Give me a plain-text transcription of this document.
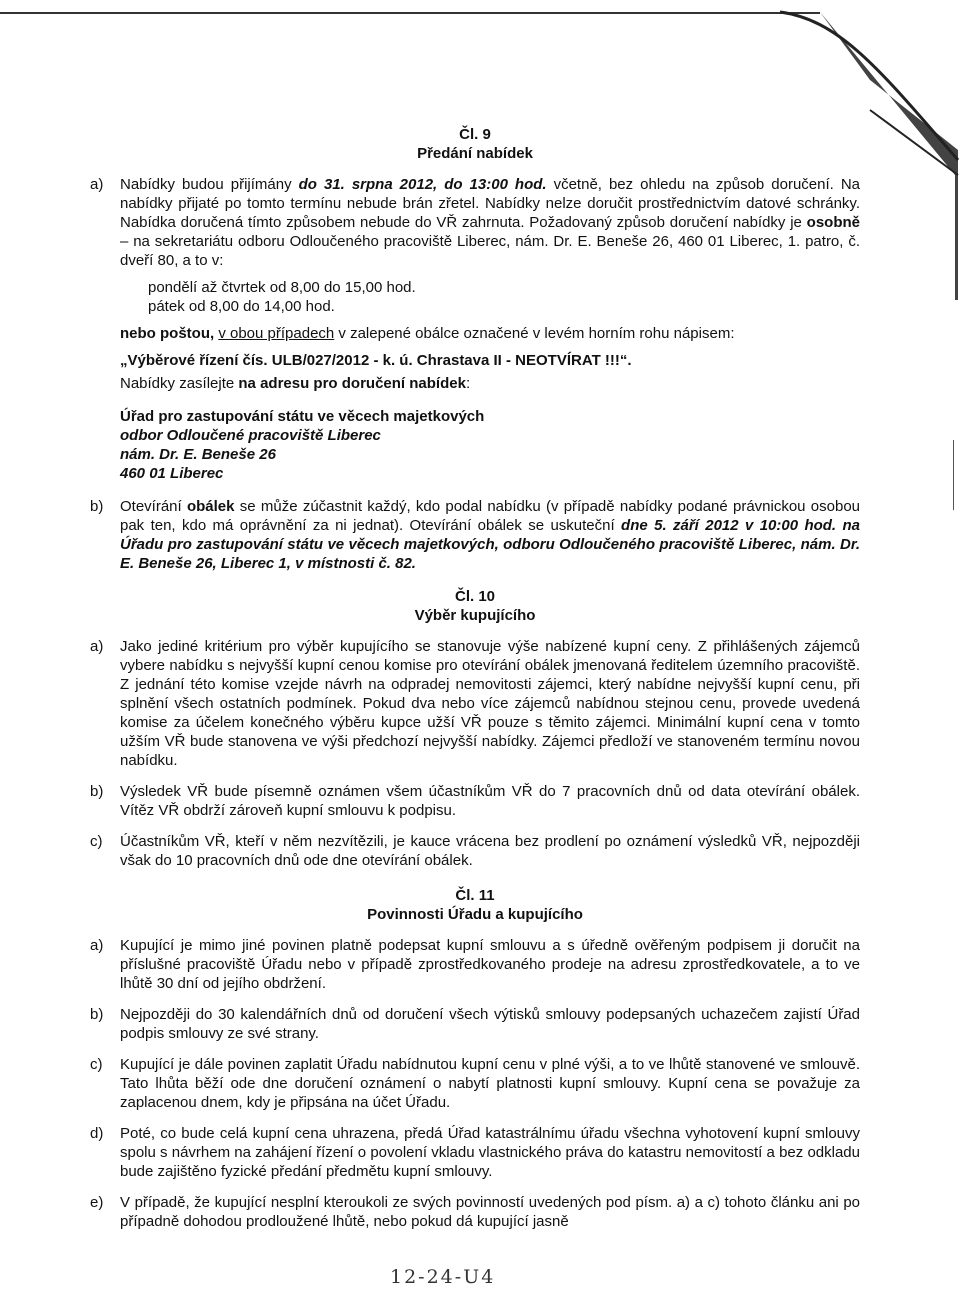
Čl. 9

Předání nabídek

a) Nabídky budou přijímány do 31. srpna 2012, do 13:00 hod. včetně, bez ohledu na způsob doručení. Na nabídky přijaté po tomto termínu nebude brán zřetel. Nabídky nelze doručit prostřednictvím datové schránky. Nabídka doručená tímto způsobem nebude do VŘ zahrnuta. Požadovaný způsob doručení nabídky je osobně – na sekretariátu odboru Odloučeného pracoviště Liberec, nám. Dr. E. Beneše 26, 460 01 Liberec, 1. patro, č. dveří 80, a to v:

pondělí až čtvrtek od 8,00 do 15,00 hod.

pátek od 8,00 do 14,00 hod.

nebo poštou, v obou případech v zalepené obálce označené v levém horním rohu nápisem:

„Výběrové řízení čís. ULB/027/2012 - k. ú. Chrastava II - NEOTVÍRAT !!!“.

Nabídky zasílejte na adresu pro doručení nabídek:

Úřad pro zastupování státu ve věcech majetkových

odbor Odloučené pracoviště Liberec

nám. Dr. E. Beneše 26

460 01 Liberec

b) Otevírání obálek se může zúčastnit každý, kdo podal nabídku (v případě nabídky podané právnickou osobou pak ten, kdo má oprávnění za ni jednat). Otevírání obálek se uskuteční dne 5. září 2012 v 10:00 hod. na Úřadu pro zastupování státu ve věcech majetkových, odboru Odloučeného pracoviště Liberec, nám. Dr. E. Beneše 26, Liberec 1, v místnosti č. 82.

Čl. 10

Výběr kupujícího

a) Jako jediné kritérium pro výběr kupujícího se stanovuje výše nabízené kupní ceny. Z přihlášených zájemců vybere nabídku s nejvyšší kupní cenou komise pro otevírání obálek jmenovaná ředitelem územního pracoviště. Z jednání této komise vzejde návrh na odpradej nemovitosti zájemci, který nabídne nejvyšší kupní cenu, při splnění všech ostatních podmínek. Pokud dva nebo více zájemců nabídnou stejnou cenu, provede uvedená komise za účelem konečného výběru kupce užší VŘ pouze s těmito zájemci. Minimální kupní cena v tomto užším VŘ bude stanovena ve výši předchozí nejvyšší nabídky. Zájemci předloží ve stanoveném termínu novou nabídku.

b) Výsledek VŘ bude písemně oznámen všem účastníkům VŘ do 7 pracovních dnů od data otevírání obálek. Vítěz VŘ obdrží zároveň kupní smlouvu k podpisu.

c) Účastníkům VŘ, kteří v něm nezvítězili, je kauce vrácena bez prodlení po oznámení výsledků VŘ, nejpozději však do 10 pracovních dnů ode dne otevírání obálek.

Čl. 11

Povinnosti Úřadu a kupujícího

a) Kupující je mimo jiné povinen platně podepsat kupní smlouvu a s úředně ověřeným podpisem ji doručit na příslušné pracoviště Úřadu nebo v případě zprostředkovaného prodeje na adresu zprostředkovatele, a to ve lhůtě 30 dní od jejího obdržení.

b) Nejpozději do 30 kalendářních dnů od doručení všech výtisků smlouvy podepsaných uchazečem zajistí Úřad podpis smlouvy ze své strany.

c) Kupující je dále povinen zaplatit Úřadu nabídnutou kupní cenu v plné výši, a to ve lhůtě stanovené ve smlouvě. Tato lhůta běží ode dne doručení oznámení o nabytí platnosti kupní smlouvy. Kupní cena se považuje za zaplacenou dnem, kdy je připsána na účet Úřadu.

d) Poté, co bude celá kupní cena uhrazena, předá Úřad katastrálnímu úřadu všechna vyhotovení kupní smlouvy spolu s návrhem na zahájení řízení o povolení vkladu vlastnického práva do katastru nemovitostí a bez odkladu bude zajištěno fyzické předání předmětu kupní smlouvy.

e) V případě, že kupující nesplní kteroukoli ze svých povinností uvedených pod písm. a) a c) tohoto článku ani po případně dohodou prodloužené lhůtě, nebo pokud dá kupující jasně

12-24-U4
